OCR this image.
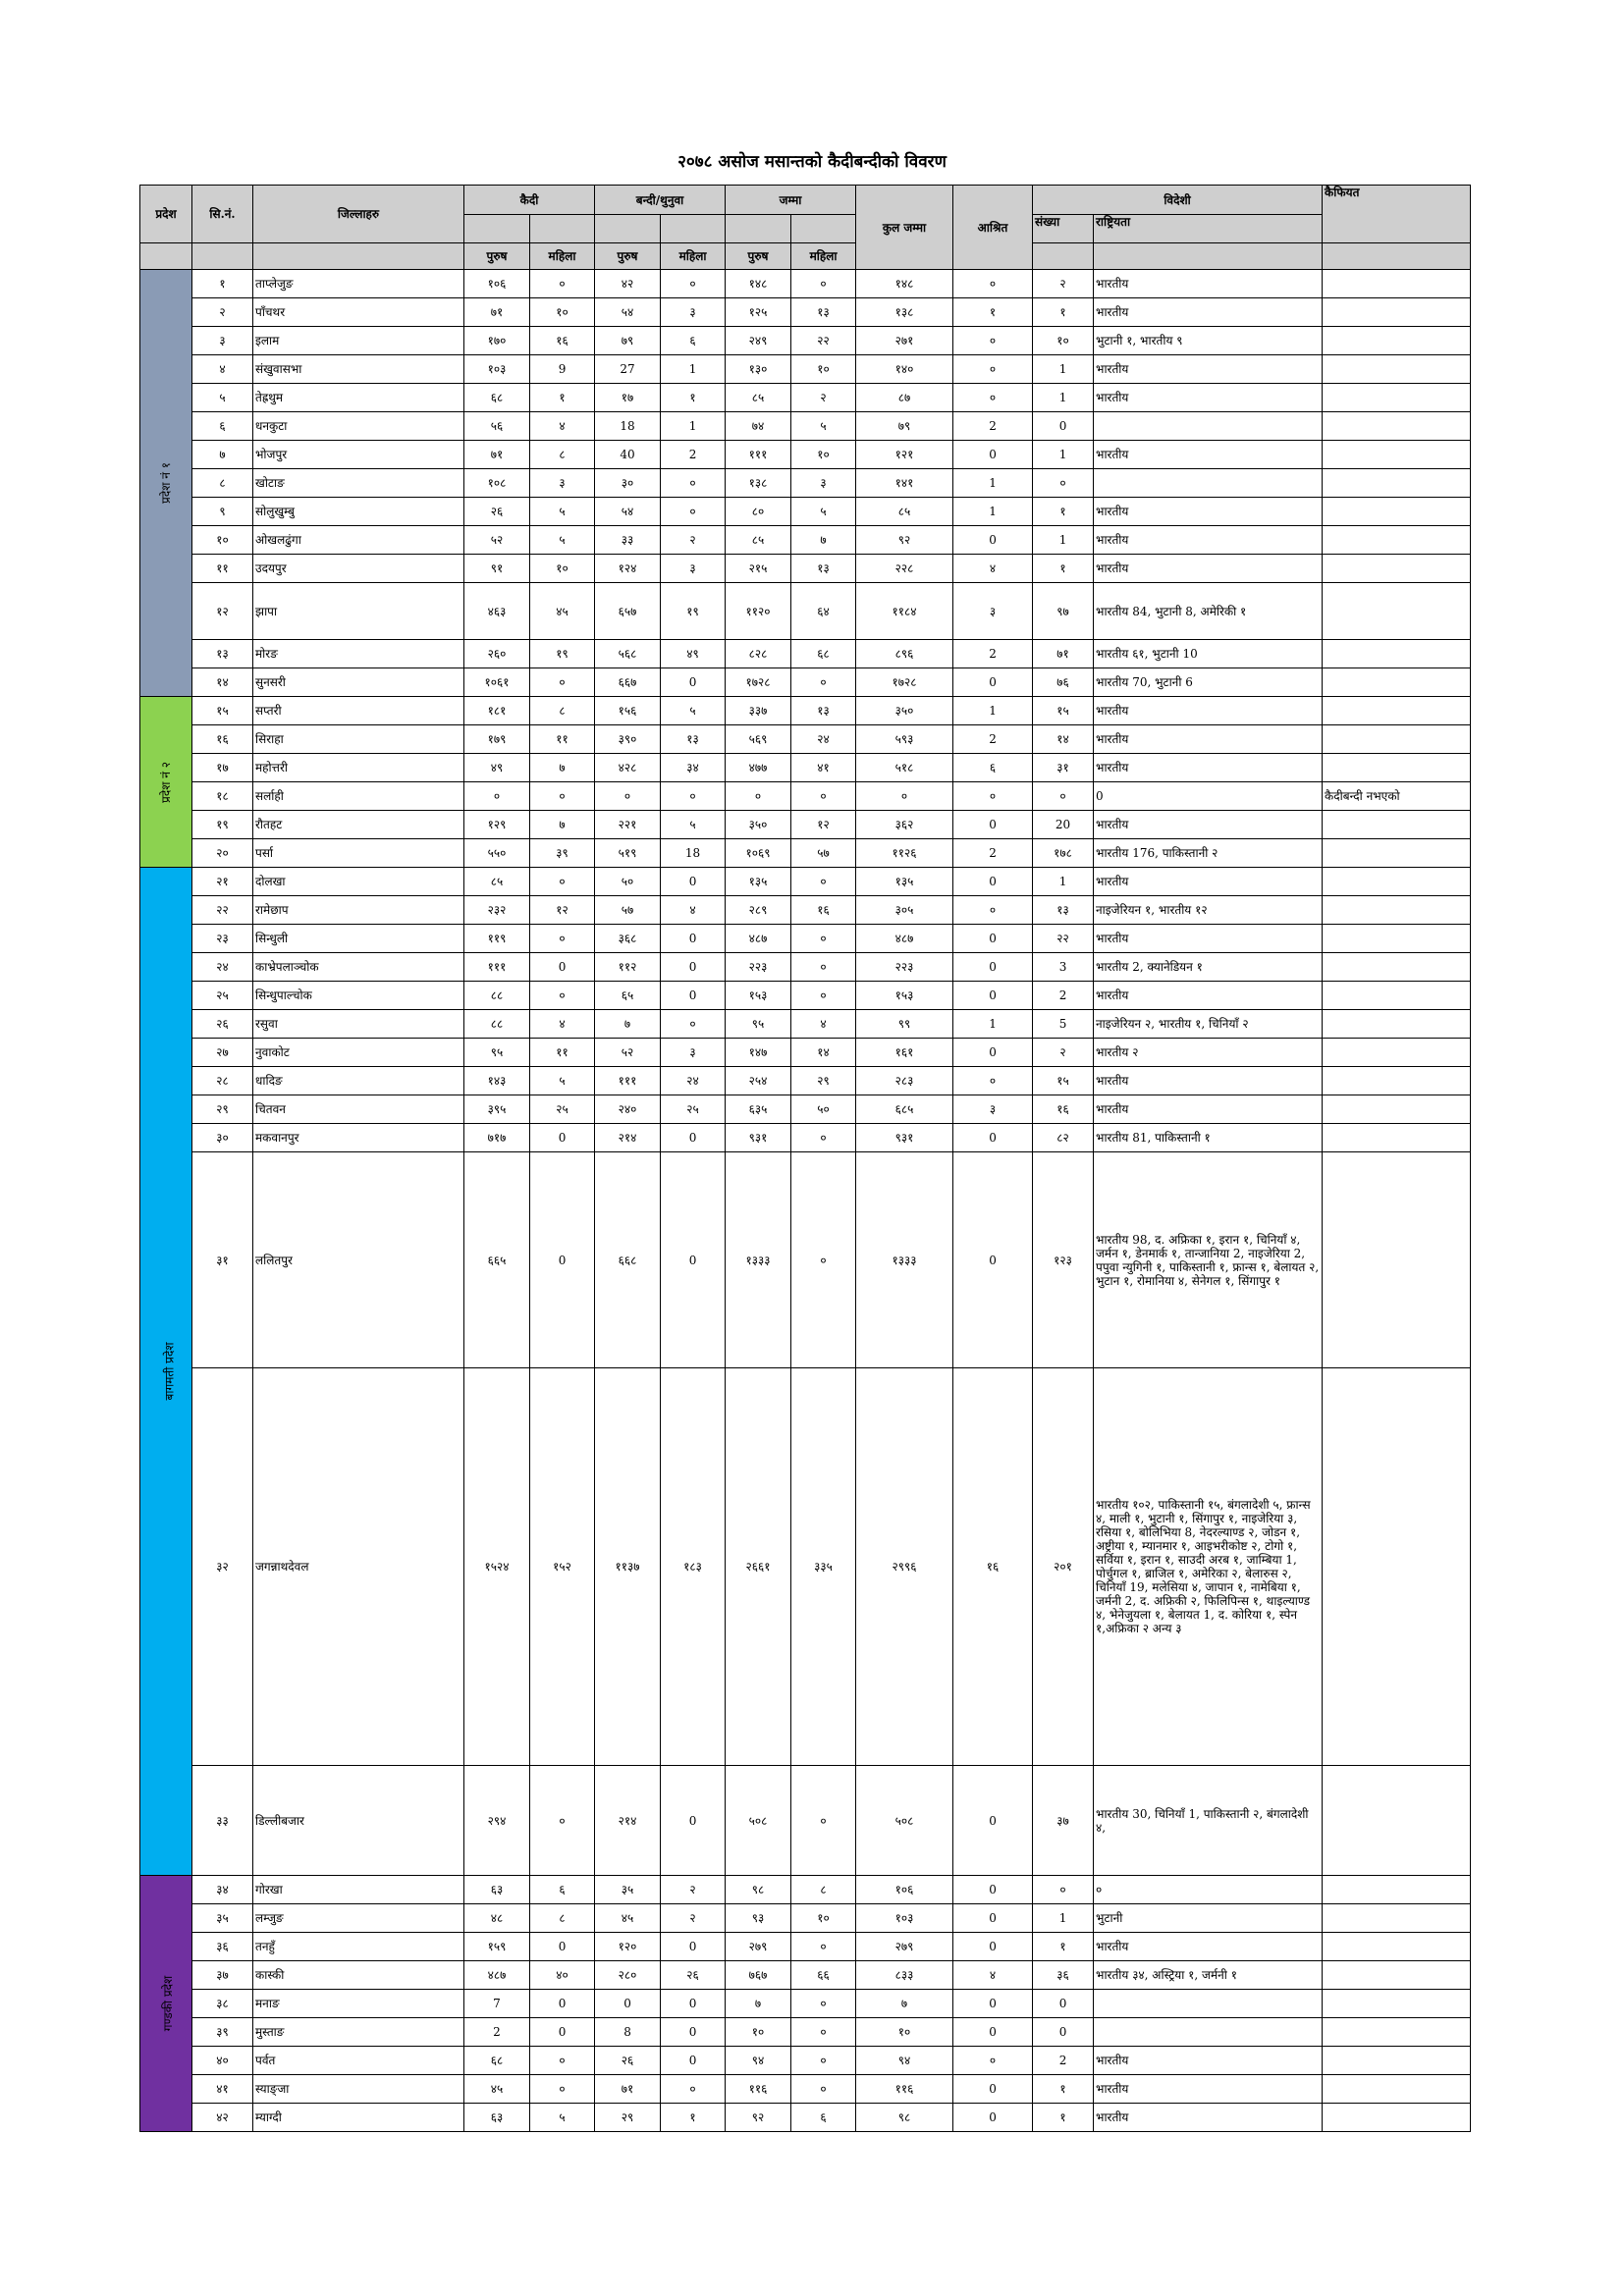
२०७८ असोज मसान्तको कैदीबन्दीको विवरण
प्रदेश	सि.नं.	जिल्लाहरु	कैदी		बन्दी/थुनुवा		जम्मा		कुल जम्मा	आश्रित	विदेशी		कैफियत
											संख्या	राष्ट्रियता	
			पुरुष	महिला	पुरुष	महिला	पुरुष	महिला					
प्रदेश नं १	१	ताप्लेजुङ	१०६	०	४२	०	१४८	०	१४८	०	२	भारतीय	
	२	पाँचथर	७१	१०	५४	३	१२५	१३	१३८	१	१	भारतीय	
	३	इलाम	१७०	१६	७९	६	२४९	२२	२७१	०	१०	भुटानी १, भारतीय ९	
	४	संखुवासभा	१०३	9	27	1	१३०	१०	१४०	०	1	भारतीय	
	५	तेह्रथुम	६८	१	१७	१	८५	२	८७	०	1	भारतीय	
	६	धनकुटा	५६	४	18	1	७४	५	७९	2	0		
	७	भोजपुर	७१	८	40	2	१११	१०	१२१	0	1	भारतीय	
	८	खोटाङ	१०८	३	३०	०	१३८	३	१४१	1	०		
	९	सोलुखुम्बु	२६	५	५४	०	८०	५	८५	1	१	भारतीय	
	१०	ओखलढुंगा	५२	५	३३	२	८५	७	९२	0	1	भारतीय	
	११	उदयपुर	९१	१०	१२४	३	२१५	१३	२२८	४	१	भारतीय	
	१२	झापा	४६३	४५	६५७	१९	११२०	६४	११८४	३	९७	भारतीय 84, भुटानी 8, अमेरिकी १	
	१३	मोरङ	२६०	१९	५६८	४९	८२८	६८	८९६	2	७१	भारतीय ६१, भुटानी 10	
	१४	सुनसरी	१०६१	०	६६७	0	१७२८	०	१७२८	0	७६	भारतीय 70, भुटानी 6	
प्रदेश नं २	१५	सप्तरी	१८१	८	१५६	५	३३७	१३	३५०	1	१५	भारतीय	
	१६	सिराहा	१७९	११	३९०	१३	५६९	२४	५९३	2	१४	भारतीय	
	१७	महोत्तरी	४९	७	४२८	३४	४७७	४१	५१८	६	३१	भारतीय	
	१८	सर्लाही	०	०	०	०	०	०	०	०	०	0	कैदीबन्दी नभएको
	१९	रौतहट	१२९	७	२२१	५	३५०	१२	३६२	0	20	भारतीय	
	२०	पर्सा	५५०	३९	५१९	18	१०६९	५७	११२६	2	१७८	भारतीय 176, पाकिस्तानी २	
बागमती प्रदेश	२१	दोलखा	८५	०	५०	0	१३५	०	१३५	0	1	भारतीय	
	२२	रामेछाप	२३२	१२	५७	४	२८९	१६	३०५	०	१३	नाइजेरियन १, भारतीय १२	
	२३	सिन्धुली	११९	०	३६८	0	४८७	०	४८७	0	२२	भारतीय	
	२४	काभ्रेपलाञ्चोक	१११	0	११२	0	२२३	०	२२३	0	3	भारतीय 2, क्यानेडियन १	
	२५	सिन्धुपाल्चोक	८८	०	६५	0	१५३	०	१५३	0	2	भारतीय	
	२६	रसुवा	८८	४	७	०	९५	४	९९	1	5	नाइजेरियन २, भारतीय १, चिनियाँ २	
	२७	नुवाकोट	९५	११	५२	३	१४७	१४	१६१	0	२	भारतीय २	
	२८	धादिङ	१४३	५	१११	२४	२५४	२९	२८३	०	१५	भारतीय	
	२९	चितवन	३९५	२५	२४०	२५	६३५	५०	६८५	३	१६	भारतीय	
	३०	मकवानपुर	७१७	0	२१४	0	९३१	०	९३१	0	८२	भारतीय 81, पाकिस्तानी १	
	३१	ललितपुर	६६५	0	६६८	0	१३३३	०	१३३३	0	१२३	भारतीय 98, द. अफ्रिका १, इरान १, चिनियाँ ४, जर्मन १, डेनमार्क १, तान्जानिया 2, नाइजेरिया 2, पपुवा न्युगिनी १, पाकिस्तानी १, फ्रान्स १, बेलायत २, भुटान १, रोमानिया ४, सेनेगल १, सिंगापुर १	
	३२	जगन्नाथदेवल	१५२४	१५२	११३७	१८३	२६६१	३३५	२९९६	१६	२०१	भारतीय १०२, पाकिस्तानी १५, बंगलादेशी ५, फ्रान्स ४, माली १, भुटानी १, सिंगापुर १, नाइजेरिया ३, रसिया १, बोलिभिया 8, नेदरल्याण्ड २, जोडन १, अष्ट्रीया १, म्यानमार १, आइभरीकोष्ट २, टोगो १, सर्विया १, इरान १, साउदी अरब १, जाम्बिया 1, पोर्चुगल १, ब्राजिल १, अमेरिका २, बेलारुस २, चिनियाँ 19, मलेसिया ४, जापान १, नामेबिया १, जर्मनी 2, द. अफ्रिकी २, फिलिपिन्स १, थाइल्याण्ड ४, भेनेजुयला १, बेलायत 1, द. कोरिया १, स्पेन १,अफ्रिका २ अन्य ३	
	३३	डिल्लीबजार	२९४	०	२१४	0	५०८	०	५०८	0	३७	भारतीय 30, चिनियाँ 1, पाकिस्तानी २, बंगलादेशी ४,	
गण्डकी प्रदेश	३४	गोरखा	६३	६	३५	२	९८	८	१०६	0	०	०	
	३५	लम्जुङ	४८	८	४५	२	९३	१०	१०३	0	1	भुटानी	
	३६	तनहुँ	१५९	0	१२०	0	२७९	०	२७९	0	१	भारतीय	
	३७	कास्की	४८७	४०	२८०	२६	७६७	६६	८३३	४	३६	भारतीय ३४, अस्ट्रिया १, जर्मनी १	
	३८	मनाङ	7	0	0	0	७	०	७	0	0		
	३९	मुस्ताङ	2	0	8	0	१०	०	१०	0	0		
	४०	पर्वत	६८	०	२६	0	९४	०	९४	०	2	भारतीय	
	४१	स्याङ्जा	४५	०	७१	०	११६	०	११६	0	१	भारतीय	
	४२	म्याग्दी	६३	५	२९	१	९२	६	९८	0	१	भारतीय	
